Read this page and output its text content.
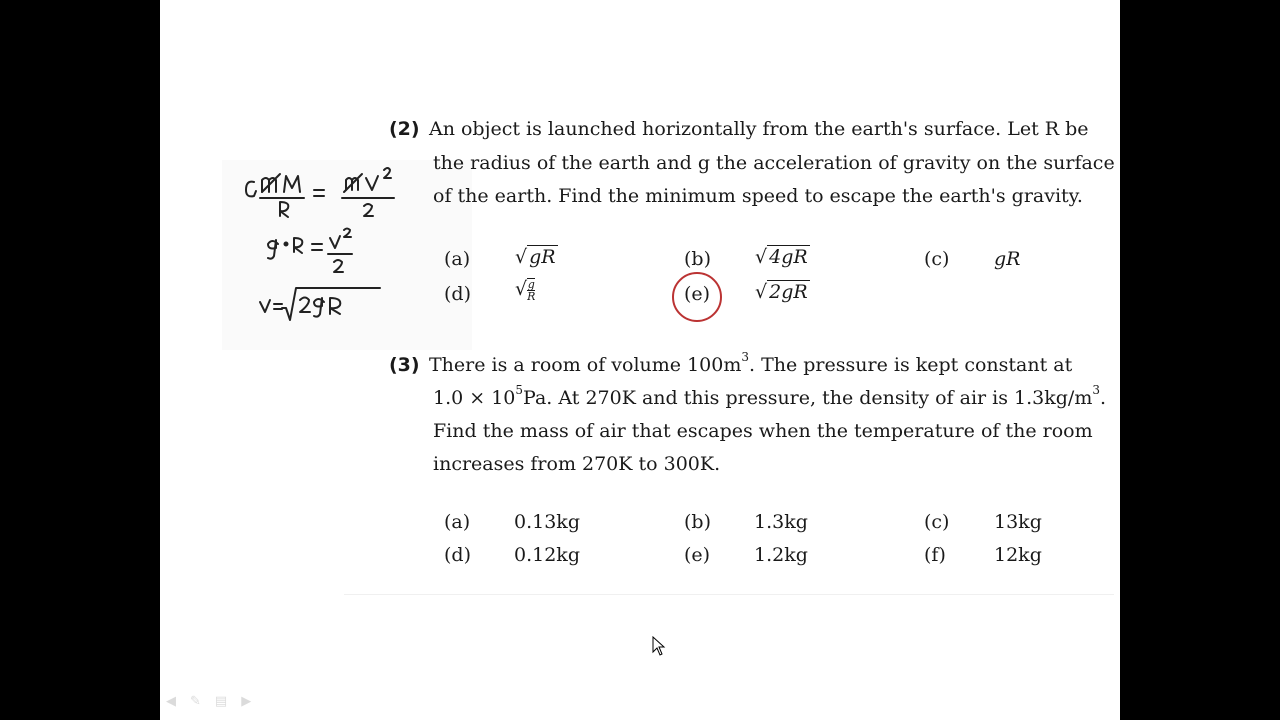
(2) An object is launched horizontally from the earth's surface. Let R be
the radius of the earth and g the acceleration of gravity on the surface
of the earth. Find the minimum speed to escape the earth's gravity.
(a) √ gR	(b) √ 4gR	(c) gR
(d) √ $\frac{g}{R}$	(e) √ 2gR
(3) There is a room of volume $100m^3$. The pressure is kept constant at
$1.0 \times 10^5Pa$. At 270K and this pressure, the density of air is $1.3kg/m^3$.
Find the mass of air that escapes when the temperature of the room
increases from 270K to 300K.
(a) 0.13kg	(b) 1.3kg	(c) 13kg
(d) 0.12kg	(e) 1.2kg	(f)	12kg
◀ ✎ ▤ ▶
